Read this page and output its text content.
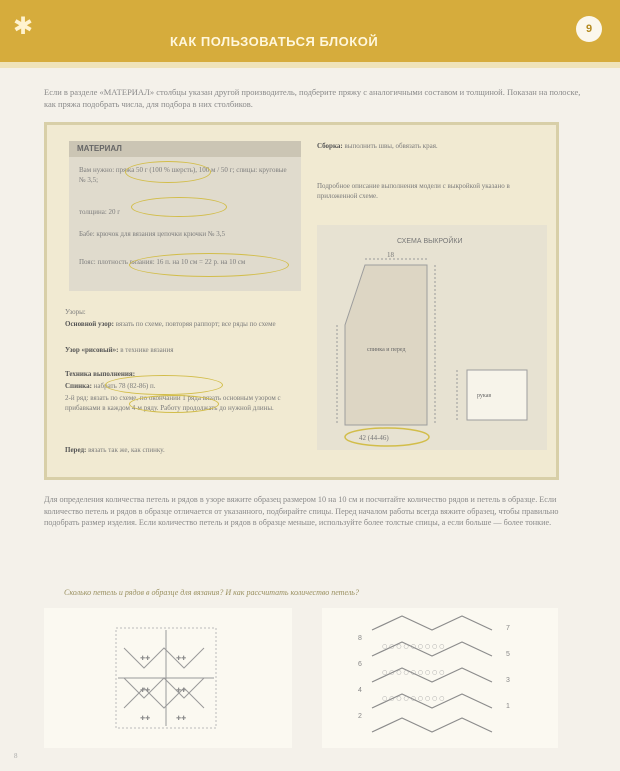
✱
КАК ПОЛЬЗОВАТЬСЯ БЛОКОЙ
9
Если в разделе «МАТЕРИАЛ» столбцы указан другой производитель, подберите пряжу с аналогичными составом и толщиной. Показан на полоске, как пряжа подобрать числа, для подбора в них столбиков.
МАТЕРИАЛ
Вам нужно: пряжа 50 г (100 % шерсть), 100 м / 50 г; спицы: круговые № 3,5;
толщина: 20 г
Бабе: крючок для вязания цепочки крючки № 3,5
Пояс: плотность вязания: 16 п. на 10 см = 22 р. на 10 см
Узоры:
Основной узор: вязать по схеме, повторяя раппорт; все ряды по схеме
Узор «рисовый»: в технике вязания
Техника выполнения:
Спинка: набрать 78 (82-86) п.
2-й ряд: вязать по схеме, по окончании 1 ряда вязать основным узором с прибавками в каждом 4-м ряду. Работу продолжать до нужной длины.
Перед: вязать так же, как спинку.
Сборка: выполнить швы, обвязать края.
Подробное описание выполнения модели с выкройкой указано в приложенной схеме.
СХЕМА ВЫКРОЙКИ
18
спинка и перед
42 (44-46)
рукав
Для определения количества петель и рядов в узоре вяжите образец размером 10 на 10 см и посчитайте количество рядов и петель в образце. Если количество петель и рядов в образце отличается от указанного, подбирайте спицы. Перед началом работы всегда вяжите образец, чтобы правильно подобрать размер изделия. Если количество петель и рядов в образце меньше, используйте более толстые спицы, а если больше — более тонкие.
Сколько петель и рядов в образце для вязания? И как рассчитать количество петель?
✚✚	✚✚
✚✚	✚✚
✚✚	✚✚
○ ○ ○ ○ ○ ○ ○ ○ ○
○ ○ ○ ○ ○ ○ ○ ○ ○
○ ○ ○ ○ ○ ○ ○ ○ ○
8
6
4
2
7
5
3
1
8
